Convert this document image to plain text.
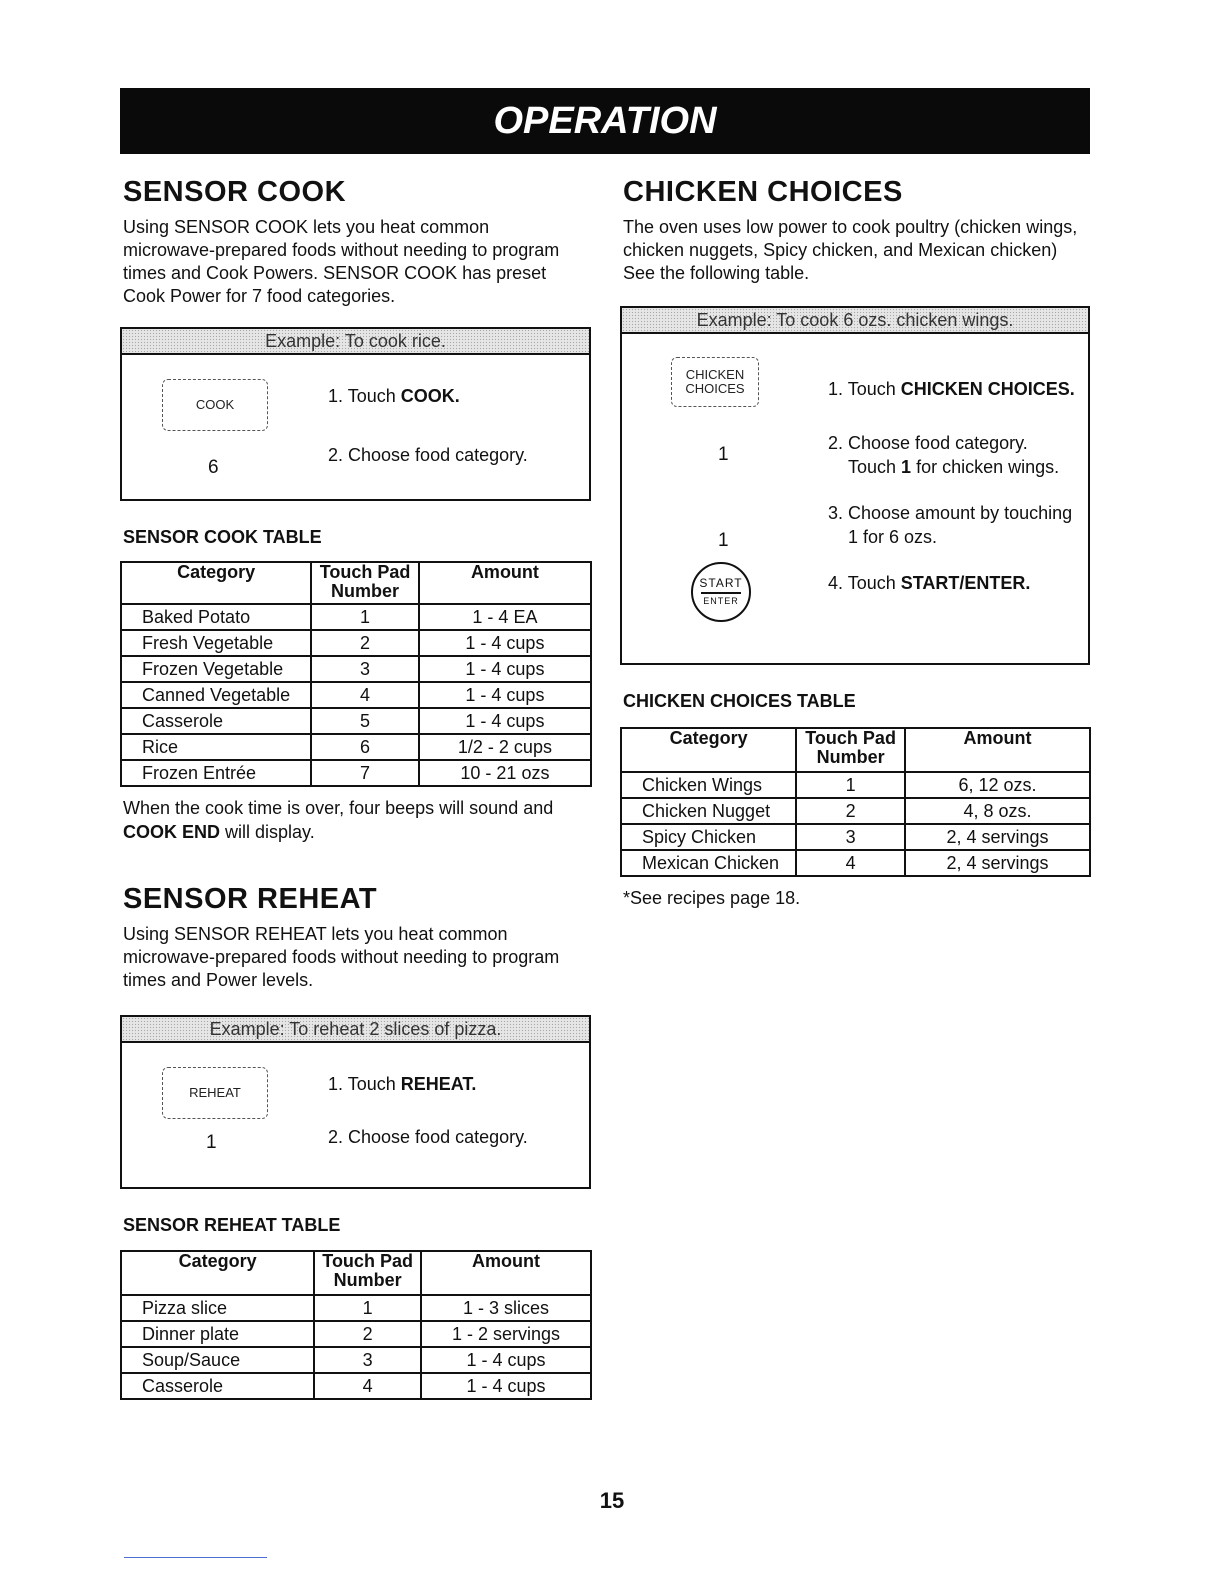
OPERATION
SENSOR COOK
Using SENSOR COOK lets you heat common
microwave-prepared foods without needing to program
times and Cook Powers. SENSOR COOK has preset
Cook Power for 7 food categories.
Example: To cook rice.
COOK
6
1. Touch COOK.
2. Choose food category.
SENSOR COOK TABLE
Category	Touch Pad Number	Amount
Baked Potato	1	1 - 4 EA
Fresh Vegetable	2	1 - 4 cups
Frozen Vegetable	3	1 - 4 cups
Canned Vegetable	4	1 - 4 cups
Casserole	5	1 - 4 cups
Rice	6	1/2 - 2 cups
Frozen Entrée	7	10 - 21 ozs
When the cook time is over, four beeps will sound and
COOK END will display.
SENSOR REHEAT
Using SENSOR REHEAT lets you heat common
microwave-prepared foods without needing to program
times and Power levels.
Example: To reheat 2 slices of pizza.
REHEAT
1
1. Touch REHEAT.
2. Choose food category.
SENSOR REHEAT TABLE
Category	Touch Pad Number	Amount
Pizza slice	1	1 - 3 slices
Dinner plate	2	1 - 2 servings
Soup/Sauce	3	1 - 4 cups
Casserole	4	1 - 4 cups
CHICKEN CHOICES
The oven uses low power to cook poultry (chicken wings,
chicken nuggets, Spicy chicken, and Mexican chicken)
See the following table.
Example: To cook 6 ozs. chicken wings.
CHICKEN
CHOICES
1
1
START
ENTER
1. Touch CHICKEN CHOICES.
2. Choose food category.
Touch 1 for chicken wings.
3. Choose amount by touching
1 for 6 ozs.
4. Touch START/ENTER.
CHICKEN CHOICES TABLE
Category	Touch Pad Number	Amount
Chicken Wings	1	6, 12 ozs.
Chicken Nugget	2	4, 8 ozs.
Spicy Chicken	3	2, 4 servings
Mexican Chicken	4	2, 4 servings
*See recipes page 18.
15
